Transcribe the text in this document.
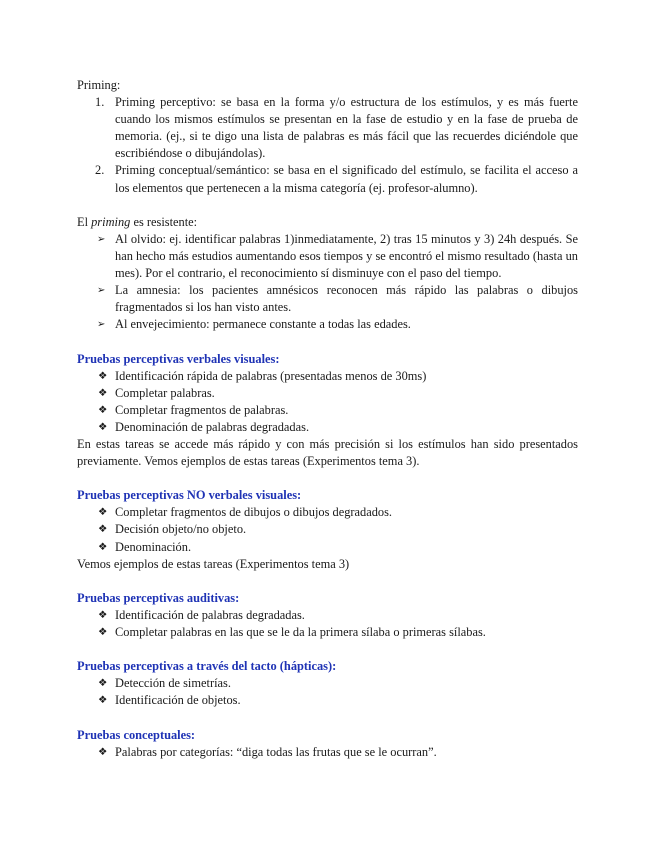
Priming:

1. Priming perceptivo: se basa en la forma y/o estructura de los estímulos, y es más fuerte cuando los mismos estímulos se presentan en la fase de estudio y en la fase de prueba de memoria. (ej., si te digo una lista de palabras es más fácil que las recuerdes diciéndole que escribiéndose o dibujándolas).
2. Priming conceptual/semántico: se basa en el significado del estímulo, se facilita el acceso a los elementos que pertenecen a la misma categoría (ej. profesor-alumno).

El priming es resistente:

➢ Al olvido: ej. identificar palabras 1)inmediatamente, 2) tras 15 minutos y 3) 24h después. Se han hecho más estudios aumentando esos tiempos y se encontró el mismo resultado (hasta un mes). Por el contrario, el reconocimiento sí disminuye con el paso del tiempo.
➢ La amnesia: los pacientes amnésicos reconocen más rápido las palabras o dibujos fragmentados si los han visto antes.
➢ Al envejecimiento: permanece constante a todas las edades.

Pruebas perceptivas verbales visuales:

❖ Identificación rápida de palabras (presentadas menos de 30ms)
❖ Completar palabras.
❖ Completar fragmentos de palabras.
❖ Denominación de palabras degradadas.

En estas tareas se accede más rápido y con más precisión si los estímulos han sido presentados previamente. Vemos ejemplos de estas tareas (Experimentos tema 3).

Pruebas perceptivas NO verbales visuales:

❖ Completar fragmentos de dibujos o dibujos degradados.
❖ Decisión objeto/no objeto.
❖ Denominación.

Vemos ejemplos de estas tareas (Experimentos tema 3)

Pruebas perceptivas auditivas:

❖ Identificación de palabras degradadas.
❖ Completar palabras en las que se le da la primera sílaba o primeras sílabas.

Pruebas perceptivas a través del tacto (hápticas):

❖ Detección de simetrías.
❖ Identificación de objetos.

Pruebas conceptuales:

❖ Palabras por categorías: “diga todas las frutas que se le ocurran”.
